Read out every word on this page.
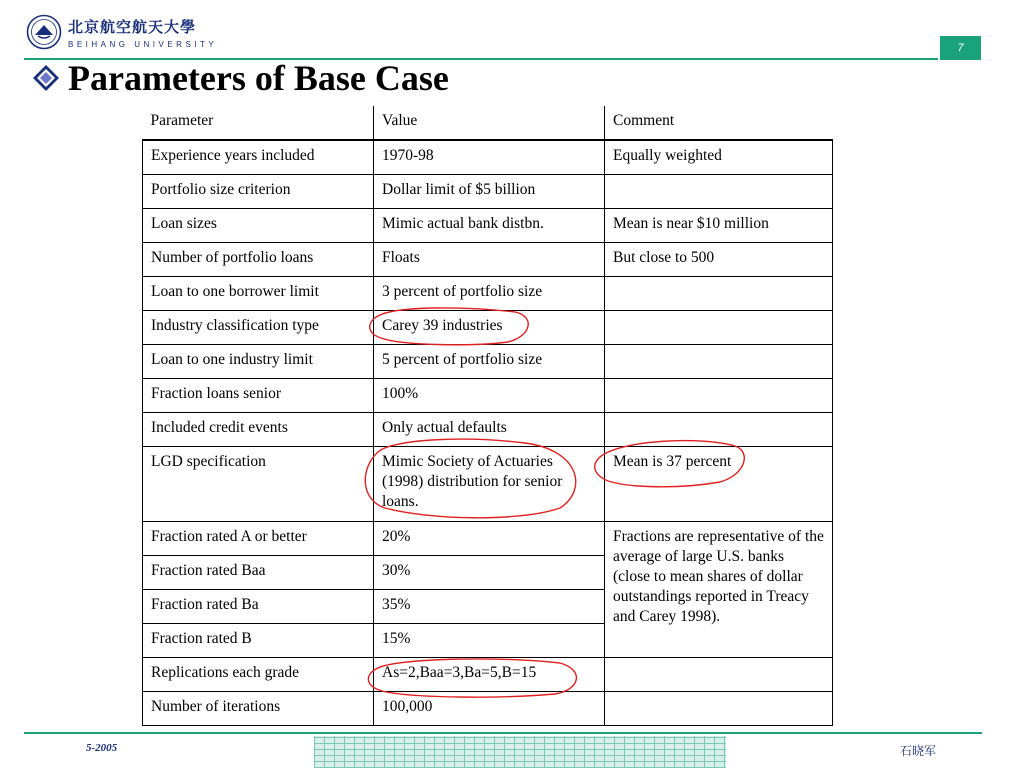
北京航空航天大學
BEIHANG UNIVERSITY	7
Parameters of Base Case
Parameter	Value	Comment
Experience years included	1970-98	Equally weighted
Portfolio size criterion	Dollar limit of $5 billion	
Loan sizes	Mimic actual bank distbn.	Mean is near $10 million
Number of portfolio loans	Floats	But close to 500
Loan to one borrower limit	3 percent of portfolio size	
Industry classification type	Carey 39 industries	
Loan to one industry limit	5 percent of portfolio size	
Fraction loans senior	100%	
Included credit events	Only actual defaults	
LGD specification	Mimic Society of Actuaries (1998) distribution for senior loans.	Mean is 37 percent
Fraction rated A or better	20%	Fractions are representative of the average of large U.S. banks (close to mean shares of dollar outstandings reported in Treacy and Carey 1998).
Fraction rated Baa	30%	
Fraction rated Ba	35%	
Fraction rated B	15%	
Replications each grade	As=2,Baa=3,Ba=5,B=15	
Number of iterations	100,000	
5-2005	石晓军
